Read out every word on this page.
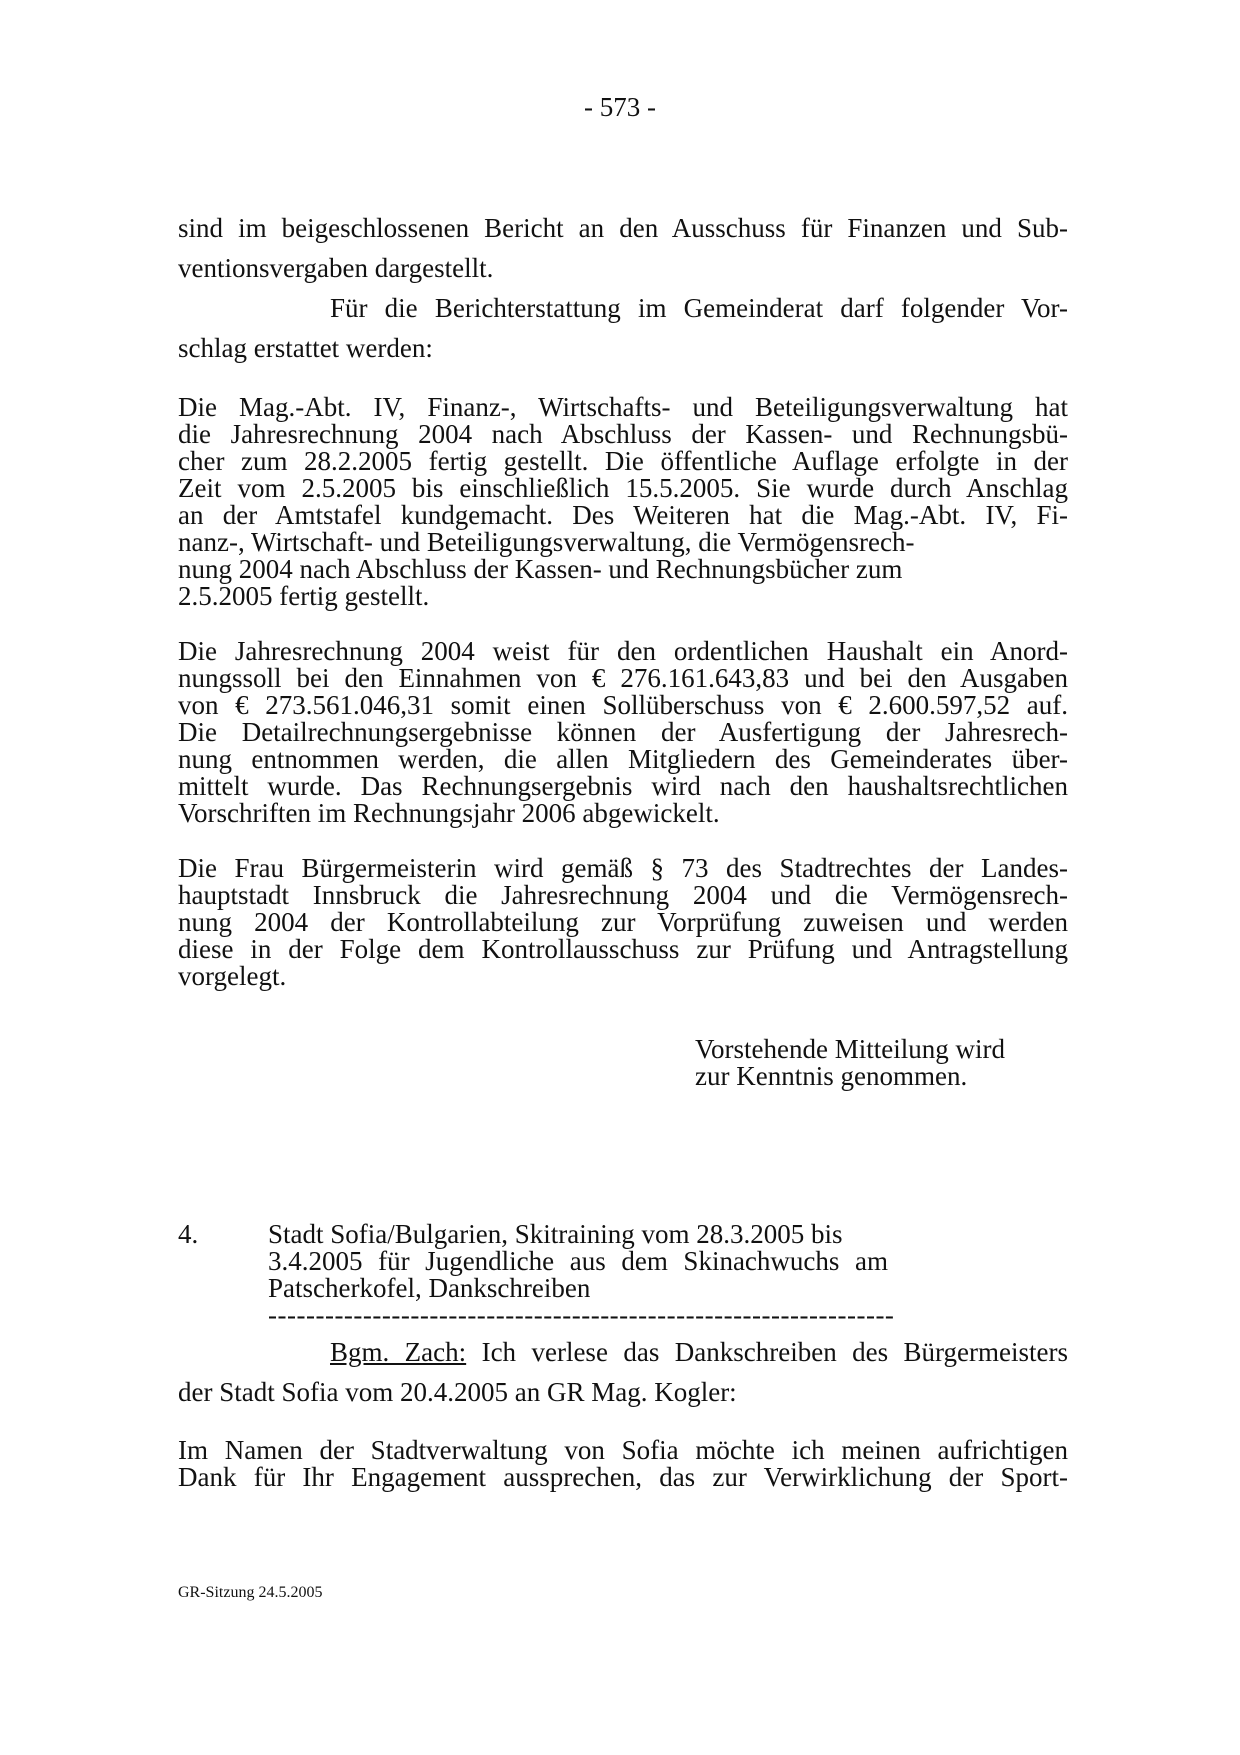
- 573 -
sind im beigeschlossenen Bericht an den Ausschuss für Finanzen und Sub-
ventionsvergaben dargestellt.
Für die Berichterstattung im Gemeinderat darf folgender Vor-
schlag erstattet werden:
Die Mag.-Abt. IV, Finanz-, Wirtschafts- und Beteiligungsverwaltung hat
die Jahresrechnung 2004 nach Abschluss der Kassen- und Rechnungsbü-
cher zum 28.2.2005 fertig gestellt. Die öffentliche Auflage erfolgte in der
Zeit vom 2.5.2005 bis einschließlich 15.5.2005. Sie wurde durch Anschlag
an der Amtstafel kundgemacht. Des Weiteren hat die Mag.-Abt. IV, Fi-
nanz-, Wirtschaft- und Beteiligungsverwaltung, die Vermögensrech-
nung 2004 nach Abschluss der Kassen- und Rechnungsbücher zum
2.5.2005 fertig gestellt.
Die Jahresrechnung 2004 weist für den ordentlichen Haushalt ein Anord-
nungssoll bei den Einnahmen von € 276.161.643,83 und bei den Ausgaben
von € 273.561.046,31 somit einen Sollüberschuss von € 2.600.597,52 auf.
Die Detailrechnungsergebnisse können der Ausfertigung der Jahresrech-
nung entnommen werden, die allen Mitgliedern des Gemeinderates über-
mittelt wurde. Das Rechnungsergebnis wird nach den haushaltsrechtlichen
Vorschriften im Rechnungsjahr 2006 abgewickelt.
Die Frau Bürgermeisterin wird gemäß § 73 des Stadtrechtes der Landes-
hauptstadt Innsbruck die Jahresrechnung 2004 und die Vermögensrech-
nung 2004 der Kontrollabteilung zur Vorprüfung zuweisen und werden
diese in der Folge dem Kontrollausschuss zur Prüfung und Antragstellung
vorgelegt.
Vorstehende Mitteilung wird
zur Kenntnis genommen.
4.	Stadt Sofia/Bulgarien, Skitraining vom 28.3.2005 bis
3.4.2005 für Jugendliche aus dem Skinachwuchs am
Patscherkofel, Dankschreiben
------------------------------------------------------------------
Bgm. Zach: Ich verlese das Dankschreiben des Bürgermeisters
der Stadt Sofia vom 20.4.2005 an GR Mag. Kogler:
Im Namen der Stadtverwaltung von Sofia möchte ich meinen aufrichtigen
Dank für Ihr Engagement aussprechen, das zur Verwirklichung der Sport-
GR-Sitzung 24.5.2005
